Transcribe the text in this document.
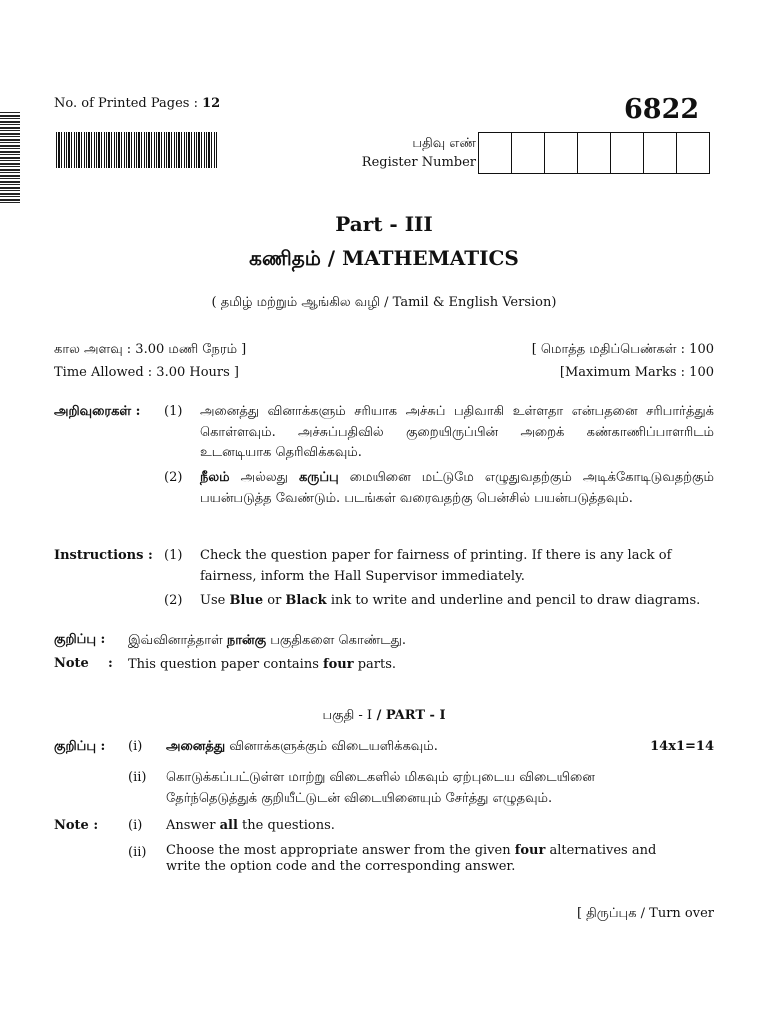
No. of Printed Pages : 12	6822
பதிவு எண்
Register Number
Part - III
கணிதம் / MATHEMATICS
( தமிழ் மற்றும் ஆங்கில வழி / Tamil & English Version)
கால அளவு : 3.00 மணி நேரம் ]
Time Allowed : 3.00 Hours ]
[ மொத்த மதிப்பெண்கள் : 100
[Maximum Marks : 100
அறிவுரைகள் : (1) அனைத்து வினாக்களும் சரியாக அச்சுப் பதிவாகி உள்ளதா என்பதனை சரிபார்த்துக் கொள்ளவும். அச்சுப்பதிவில் குறையிருப்பின் அறைக் கண்காணிப்பாளரிடம் உடனடியாக தெரிவிக்கவும்.
(2) நீலம் அல்லது கருப்பு மையினை மட்டுமே எழுதுவதற்கும் அடிக்கோடிடுவதற்கும் பயன்படுத்த வேண்டும். படங்கள் வரைவதற்கு பென்சில் பயன்படுத்தவும்.
Instructions : (1) Check the question paper for fairness of printing. If there is any lack of fairness, inform the Hall Supervisor immediately.
(2) Use Blue or Black ink to write and underline and pencil to draw diagrams.
குறிப்பு : இவ்வினாத்தாள் நான்கு பகுதிகளை கொண்டது.
Note : This question paper contains four parts.
பகுதி - I / PART - I
குறிப்பு : (i) அனைத்து வினாக்களுக்கும் விடையளிக்கவும்.	14x1=14
(ii) கொடுக்கப்பட்டுள்ள மாற்று விடைகளில் மிகவும் ஏற்புடைய விடையினை தேர்ந்தெடுத்துக் குறியீட்டுடன் விடையினையும் சேர்த்து எழுதவும்.
Note : (i) Answer all the questions.
(ii) Choose the most appropriate answer from the given four alternatives and write the option code and the corresponding answer.
[ திருப்புக / Turn over
